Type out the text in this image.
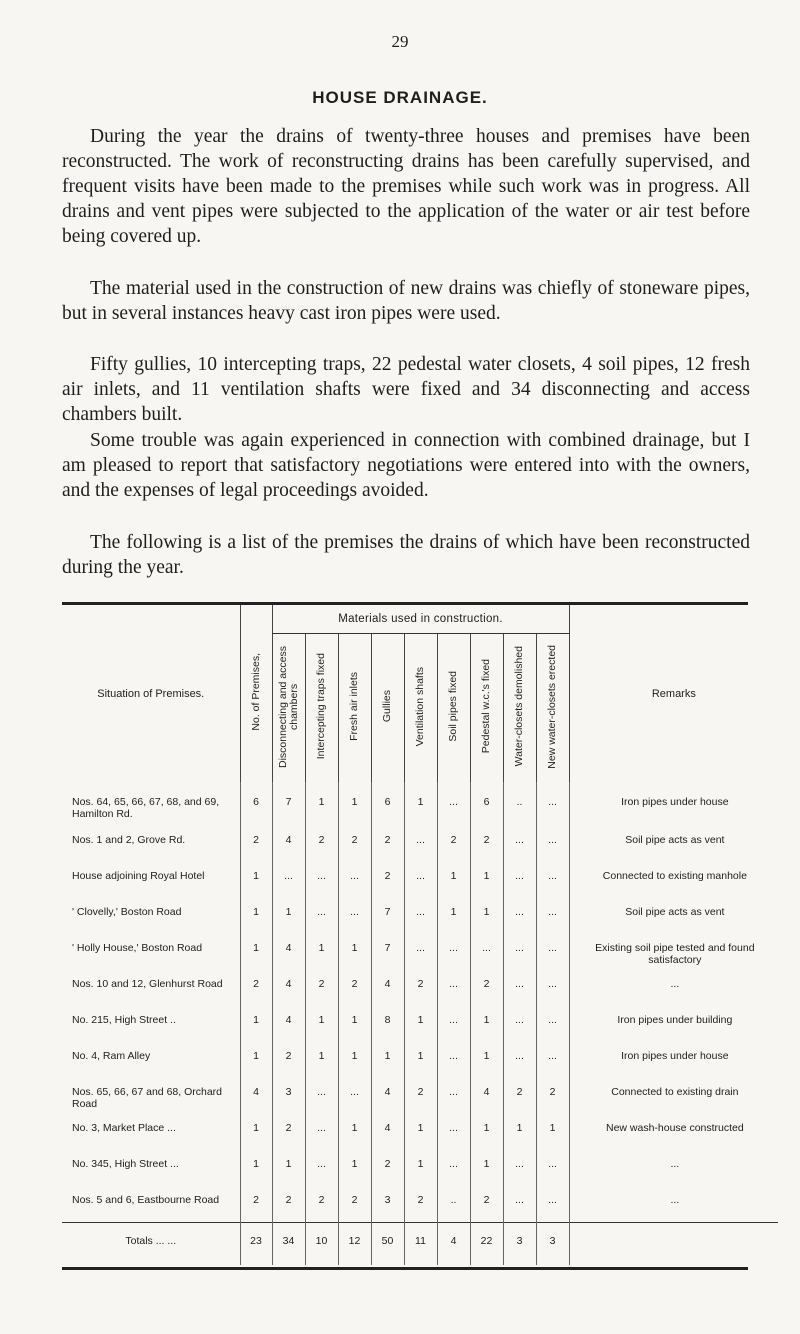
29
HOUSE DRAINAGE.

During the year the drains of twenty-three houses and premises have been reconstructed. The work of reconstructing drains has been carefully supervised, and frequent visits have been made to the premises while such work was in progress. All drains and vent pipes were subjected to the application of the water or air test before being covered up.

The material used in the construction of new drains was chiefly of stoneware pipes, but in several instances heavy cast iron pipes were used.

Fifty gullies, 10 intercepting traps, 22 pedestal water closets, 4 soil pipes, 12 fresh air inlets, and 11 ventilation shafts were fixed and 34 disconnecting and access chambers built.

Some trouble was again experienced in connection with combined drainage, but I am pleased to report that satisfactory negotiations were entered into with the owners, and the expenses of legal proceedings avoided.

The following is a list of the premises the drains of which have been reconstructed during the year.

Situation of Premises.	No. of Premises,	Materials used in construction.									Remarks
		Disconnecting and access chambers	Intercepting traps fixed	Fresh air inlets	Gullies	Ventilation shafts	Soil pipes fixed	Pedestal w.c.'s fixed	Water-closets demolished	New water-closets erected	
Nos. 64, 65, 66, 67, 68, and 69, Hamilton Rd.	6	7	1	1	6	1	...	6	..	...	Iron pipes under house
Nos. 1 and 2, Grove Rd.	2	4	2	2	2	...	2	2	...	...	Soil pipe acts as vent
House adjoining Royal Hotel	1	...	...	...	2	...	1	1	...	...	Connected to existing manhole
' Clovelly,' Boston Road	1	1	...	...	7	...	1	1	...	...	Soil pipe acts as vent
' Holly House,' Boston Road	1	4	1	1	7	...	...	...	...	...	Existing soil pipe tested and found satisfactory
Nos. 10 and 12, Glenhurst Road	2	4	2	2	4	2	...	2	...	...	...
No. 215, High Street ..	1	4	1	1	8	1	...	1	...	...	Iron pipes under building
No. 4, Ram Alley	1	2	1	1	1	1	...	1	...	...	Iron pipes under house
Nos. 65, 66, 67 and 68, Orchard Road	4	3	...	...	4	2	...	4	2	2	Connected to existing drain
No. 3, Market Place ...	1	2	...	1	4	1	...	1	1	1	New wash-house constructed
No. 345, High Street ...	1	1	...	1	2	1	...	1	...	...	...
Nos. 5 and 6, Eastbourne Road	2	2	2	2	3	2	..	2	...	...	...
Totals ... ...	23	34	10	12	50	11	4	22	3	3	
